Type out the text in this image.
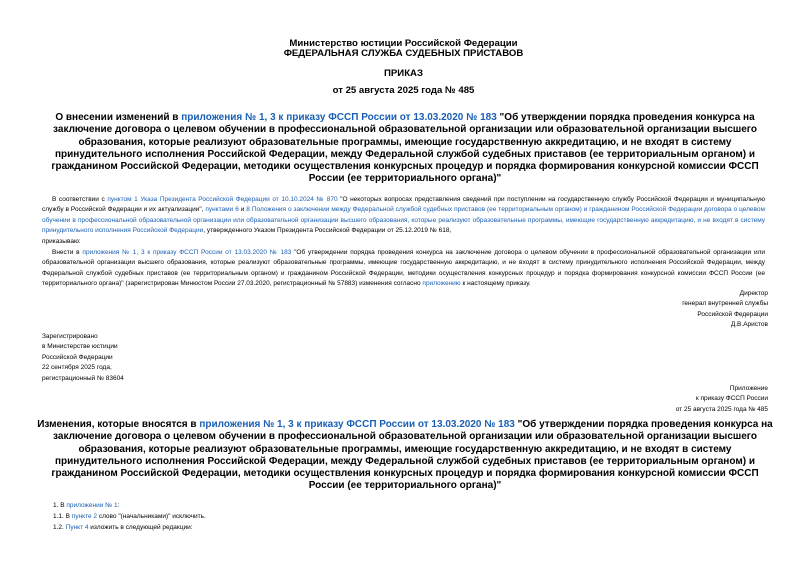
Министерство юстиции Российской Федерации
ФЕДЕРАЛЬНАЯ СЛУЖБА СУДЕБНЫХ ПРИСТАВОВ
ПРИКАЗ
от 25 августа 2025 года № 485
О внесении изменений в приложения № 1, 3 к приказу ФССП России от 13.03.2020 № 183 "Об утверждении порядка проведения конкурса на заключение договора о целевом обучении в профессиональной образовательной организации или образовательной организации высшего образования, которые реализуют образовательные программы, имеющие государственную аккредитацию, и не входят в систему принудительного исполнения Российской Федерации, между Федеральной службой судебных приставов (ее территориальным органом) и гражданином Российской Федерации, методики осуществления конкурсных процедур и порядка формирования конкурсной комиссии ФССП России (ее территориального органа)"
В соответствии с пунктом 1 Указа Президента Российской Федерации от 10.10.2024 № 870 "О некоторых вопросах представления сведений при поступлении на государственную службу Российской Федерации и муниципальную службу в Российской Федерации и их актуализации", пунктами 6 и 8 Положения о заключении между Федеральной службой судебных приставов (ее территориальным органом) и гражданином Российской Федерации договора о целевом обучении в профессиональной образовательной организации или образовательной организации высшего образования, которые реализуют образовательные программы, имеющие государственную аккредитацию, и не входят в систему принудительного исполнения Российской Федерации, утвержденного Указом Президента Российской Федерации от 25.12.2019 № 618,
приказываю:
Внести в приложения № 1, 3 к приказу ФССП России от 13.03.2020 № 183 "Об утверждении порядка проведения конкурса на заключение договора о целевом обучении в профессиональной образовательной организации или образовательной организации высшего образования, которые реализуют образовательные программы, имеющие государственную аккредитацию, и не входят в систему принудительного исполнения Российской Федерации, между Федеральной службой судебных приставов (ее территориальным органом) и гражданином Российской Федерации, методики осуществления конкурсных процедур и порядка формирования конкурсной комиссии ФССП России (ее территориального органа)" (зарегистрирован Минюстом России 27.03.2020, регистрационный № 57883) изменения согласно приложению к настоящему приказу.
Директор
генерал внутренней службы
Российской Федерации
Д.В.Аристов
Зарегистрировано
в Министерстве юстиции
Российской Федерации
22 сентября 2025 года,
регистрационный № 83604
Приложение
к приказу ФССП России
от 25 августа 2025 года № 485
Изменения, которые вносятся в приложения № 1, 3 к приказу ФССП России от 13.03.2020 № 183 "Об утверждении порядка проведения конкурса на заключение договора о целевом обучении в профессиональной образовательной организации или образовательной организации высшего образования, которые реализуют образовательные программы, имеющие государственную аккредитацию, и не входят в систему принудительного исполнения Российской Федерации, между Федеральной службой судебных приставов (ее территориальным органом) и гражданином Российской Федерации, методики осуществления конкурсных процедур и порядка формирования конкурсной комиссии ФССП России (ее территориального органа)"
1. В приложении № 1:
1.1. В пункте 2 слово "(начальниками)" исключить.
1.2. Пункт 4 изложить в следующей редакции:
